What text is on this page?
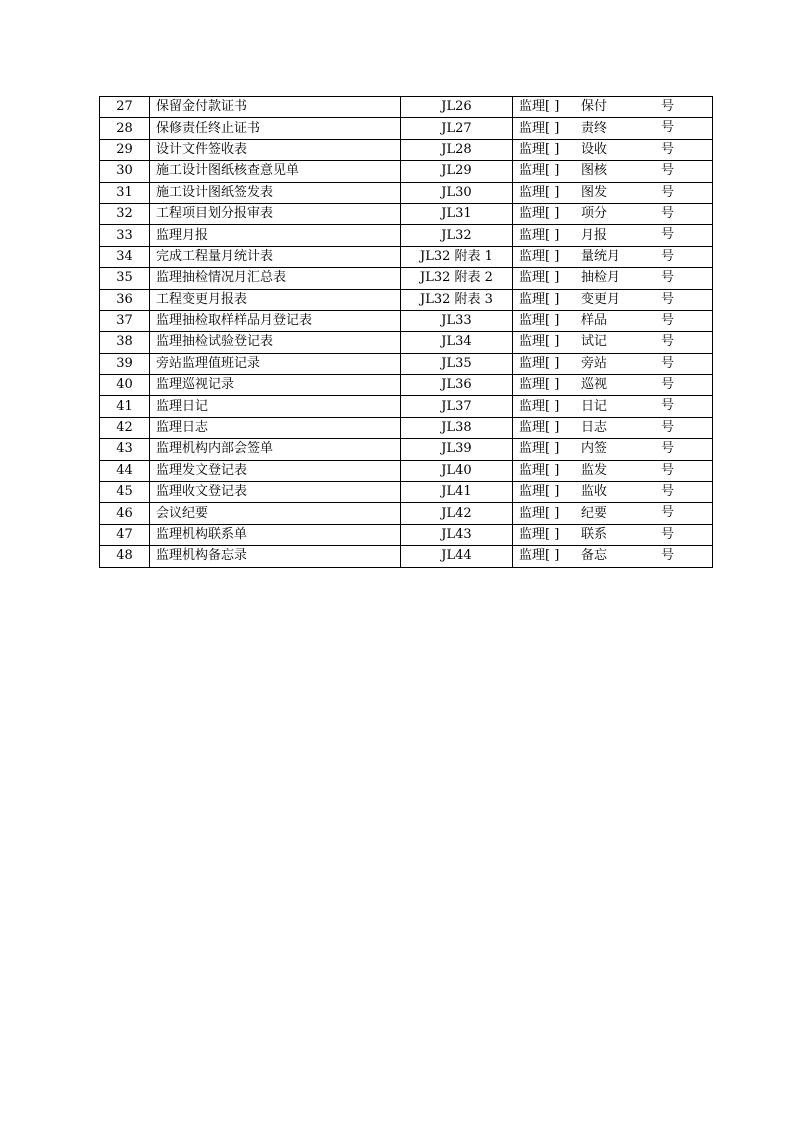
27	保留金付款证书	JL26	监理[ ] 保付 号

28	保修责任终止证书	JL27	监理[ ] 责终 号

29	设计文件签收表	JL28	监理[ ] 设收 号

30	施工设计图纸核查意见单	JL29	监理[ ] 图核 号

31	施工设计图纸签发表	JL30	监理[ ] 图发 号

32	工程项目划分报审表	JL31	监理[ ] 项分 号

33	监理月报	JL32	监理[ ] 月报 号

34	完成工程量月统计表	JL32 附表 1	监理[ ] 量统月 号

35	监理抽检情况月汇总表	JL32 附表 2	监理[ ] 抽检月 号

36	工程变更月报表	JL32 附表 3	监理[ ] 变更月 号

37	监理抽检取样样品月登记表	JL33	监理[ ] 样品 号

38	监理抽检试验登记表	JL34	监理[ ] 试记 号

39	旁站监理值班记录	JL35	监理[ ] 旁站 号

40	监理巡视记录	JL36	监理[ ] 巡视 号

41	监理日记	JL37	监理[ ] 日记 号

42	监理日志	JL38	监理[ ] 日志 号

43	监理机构内部会签单	JL39	监理[ ] 内签 号

44	监理发文登记表	JL40	监理[ ] 监发 号

45	监理收文登记表	JL41	监理[ ] 监收 号

46	会议纪要	JL42	监理[ ] 纪要 号

47	监理机构联系单	JL43	监理[ ] 联系 号

48	监理机构备忘录	JL44	监理[ ] 备忘 号
